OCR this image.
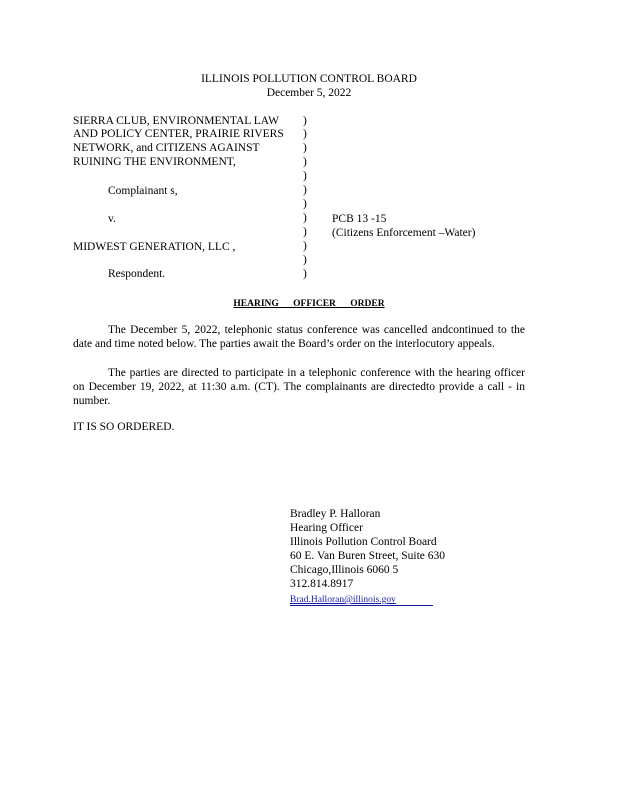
ILLINOIS POLLUTION CONTROL BOARD
December 5, 2022
SIERRA CLUB, ENVIRONMENTAL LAW
AND POLICY CENTER, PRAIRIE RIVERS
NETWORK, and CITIZENS AGAINST
RUINING THE ENVIRONMENT,
Complainant s,
v.
MIDWEST GENERATION, LLC ,
Respondent.
)
)
)
)
)
)
)
)
)
)
)
)
PCB 13 -15
(Citizens Enforcement –Water)
HEARING OFFICER ORDER
The December 5, 2022, telephonic status conference was cancelled andcontinued to the date and time noted below. The parties await the Board’s order on the interlocutory appeals.
The parties are directed to participate in a telephonic conference with the hearing officer on December 19, 2022, at 11:30 a.m. (CT). The complainants are directedto provide a call - in number.
IT IS SO ORDERED.
Bradley P. Halloran
Hearing Officer
Illinois Pollution Control Board
60 E. Van Buren Street, Suite 630
Chicago,Illinois 6060 5
312.814.8917
Brad.Halloran@illinois.gov
